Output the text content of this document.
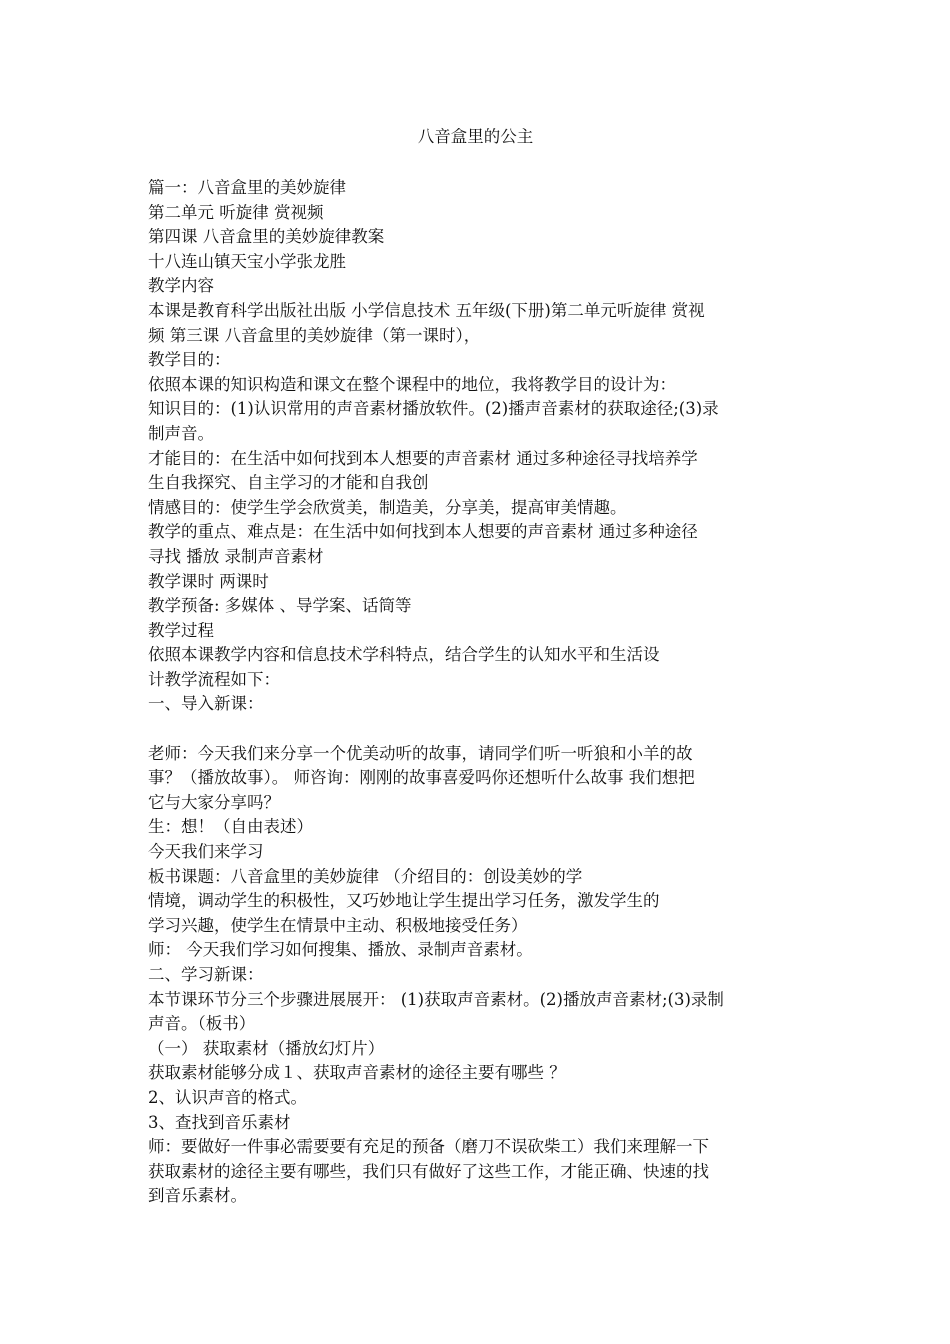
八音盒里的公主
篇一：八音盒里的美妙旋律
第二单元 听旋律 赏视频
第四课 八音盒里的美妙旋律教案
十八连山镇天宝小学张龙胜
教学内容
本课是教育科学出版社出版 小学信息技术 五年级(下册)第二单元听旋律 赏视
频 第三课 八音盒里的美妙旋律（第一课时），
教学目的：
依照本课的知识构造和课文在整个课程中的地位，我将教学目的设计为：
知识目的：(1)认识常用的声音素材播放软件。(2)播声音素材的获取途径;(3)录
制声音。
才能目的：在生活中如何找到本人想要的声音素材 通过多种途径寻找培养学
生自我探究、自主学习的才能和自我创
情感目的：使学生学会欣赏美，制造美，分享美，提高审美情趣。
教学的重点、难点是：在生活中如何找到本人想要的声音素材 通过多种途径
寻找 播放 录制声音素材
教学课时 两课时
教学预备: 多媒体 、导学案、话筒等
教学过程
依照本课教学内容和信息技术学科特点，结合学生的认知水平和生活设
计教学流程如下：
一、导入新课：
老师：今天我们来分享一个优美动听的故事，请同学们听一听狼和小羊的故
事？（播放故事）。 师咨询：刚刚的故事喜爱吗你还想听什么故事 我们想把
它与大家分享吗？
生：想！（自由表述）
今天我们来学习
板书课题：八音盒里的美妙旋律 （介绍目的：创设美妙的学
情境，调动学生的积极性，又巧妙地让学生提出学习任务，激发学生的
学习兴趣，使学生在情景中主动、积极地接受任务）
师： 今天我们学习如何搜集、播放、录制声音素材。
二、学习新课：
本节课环节分三个步骤进展展开： (1)获取声音素材。(2)播放声音素材;(3)录制
声音。（板书）
（一） 获取素材（播放幻灯片）
获取素材能够分成１、获取声音素材的途径主要有哪些 ？
2、认识声音的格式。
3、查找到音乐素材
师：要做好一件事必需要要有充足的预备（磨刀不误砍柴工）我们来理解一下
获取素材的途径主要有哪些，我们只有做好了这些工作，才能正确、快速的找
到音乐素材。
